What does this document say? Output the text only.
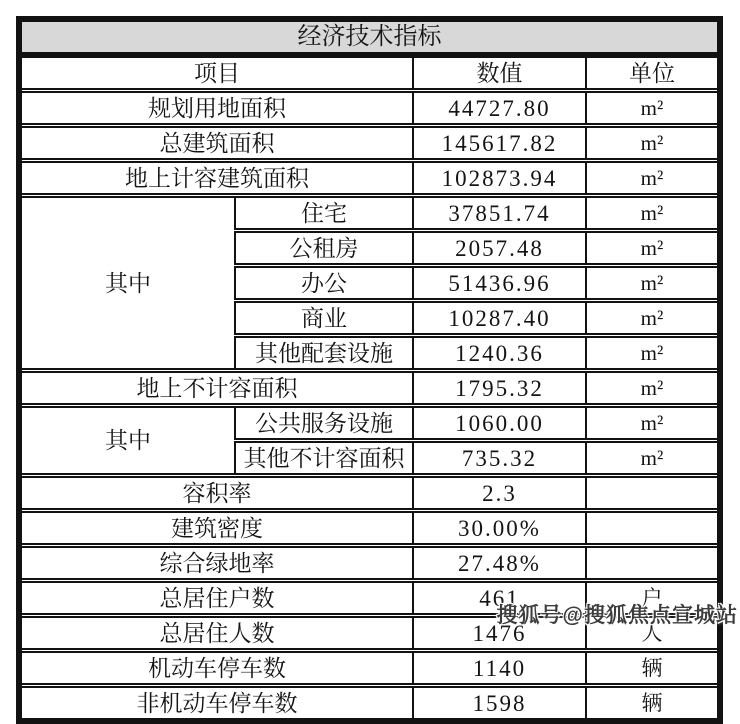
经济技术指标			
项目		数值	单位
规划用地面积		44727.80	m²
总建筑面积		145617.82	m²
地上计容建筑面积		102873.94	m²
其中	住宅	37851.74	m²
	公租房	2057.48	m²
	办公	51436.96	m²
	商业	10287.40	m²
	其他配套设施	1240.36	m²
地上不计容面积		1795.32	m²
其中	公共服务设施	1060.00	m²
	其他不计容面积	735.32	m²
容积率		2.3	
建筑密度		30.00%	
综合绿地率		27.48%	
总居住户数		461	户
总居住人数		1476	人
机动车停车数		1140	辆
非机动车停车数		1598	辆
搜狐号@搜狐焦点宣城站
